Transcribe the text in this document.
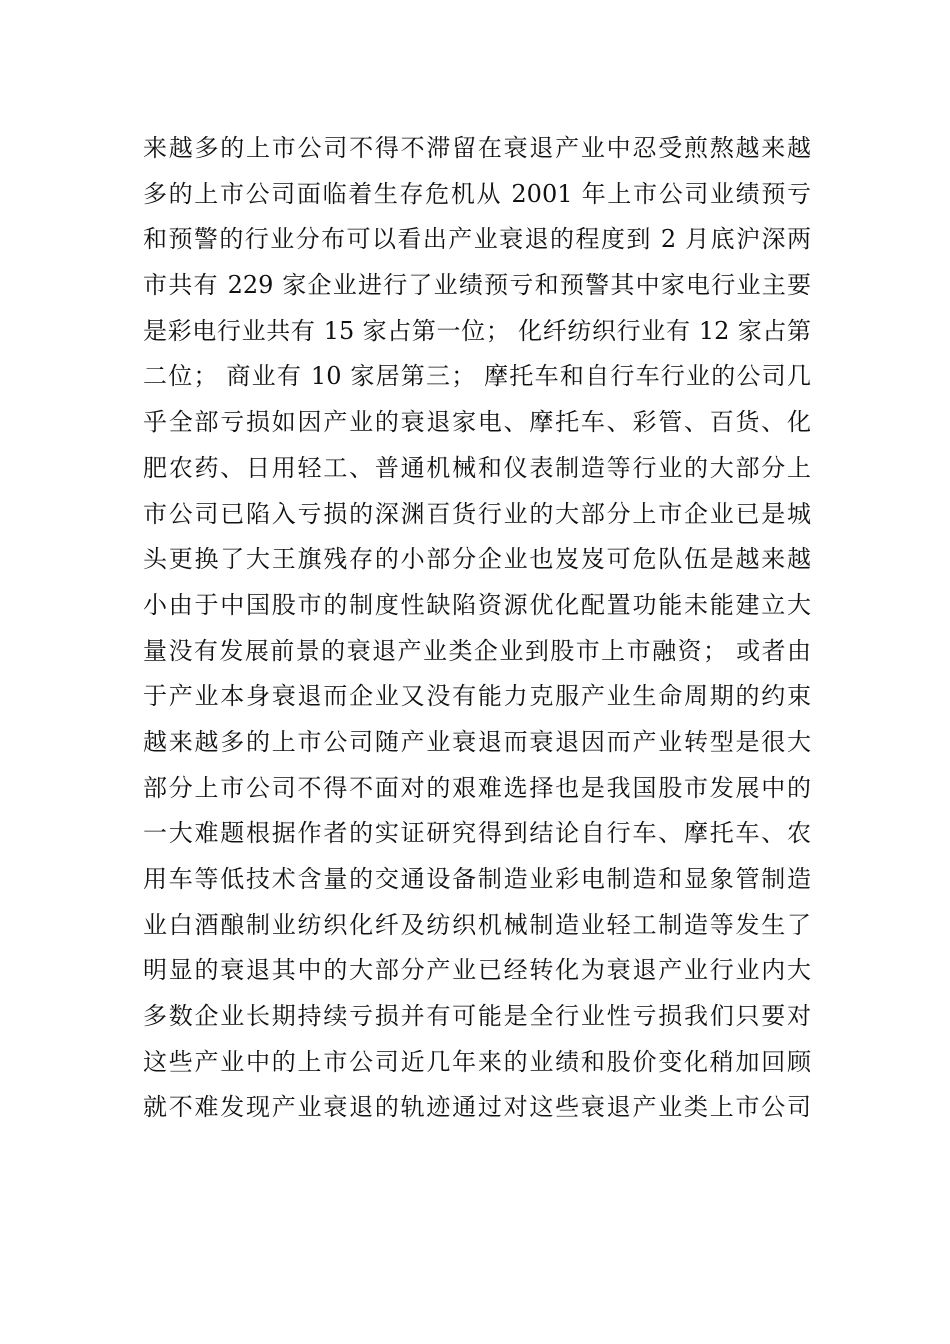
来越多的上市公司不得不滞留在衰退产业中忍受煎熬越来越
多的上市公司面临着生存危机从 2001 年上市公司业绩预亏
和预警的行业分布可以看出产业衰退的程度到 2 月底沪深两
市共有 229 家企业进行了业绩预亏和预警其中家电行业主要
是彩电行业共有 15 家占第一位； 化纤纺织行业有 12 家占第
二位； 商业有 10 家居第三； 摩托车和自行车行业的公司几
乎全部亏损如因产业的衰退家电、摩托车、彩管、百货、化
肥农药、日用轻工、普通机械和仪表制造等行业的大部分上
市公司已陷入亏损的深渊百货行业的大部分上市企业已是城
头更换了大王旗残存的小部分企业也岌岌可危队伍是越来越
小由于中国股市的制度性缺陷资源优化配置功能未能建立大
量没有发展前景的衰退产业类企业到股市上市融资； 或者由
于产业本身衰退而企业又没有能力克服产业生命周期的约束
越来越多的上市公司随产业衰退而衰退因而产业转型是很大
部分上市公司不得不面对的艰难选择也是我国股市发展中的
一大难题根据作者的实证研究得到结论自行车、摩托车、农
用车等低技术含量的交通设备制造业彩电制造和显象管制造
业白酒酿制业纺织化纤及纺织机械制造业轻工制造等发生了
明显的衰退其中的大部分产业已经转化为衰退产业行业内大
多数企业长期持续亏损并有可能是全行业性亏损我们只要对
这些产业中的上市公司近几年来的业绩和股价变化稍加回顾
就不难发现产业衰退的轨迹通过对这些衰退产业类上市公司
